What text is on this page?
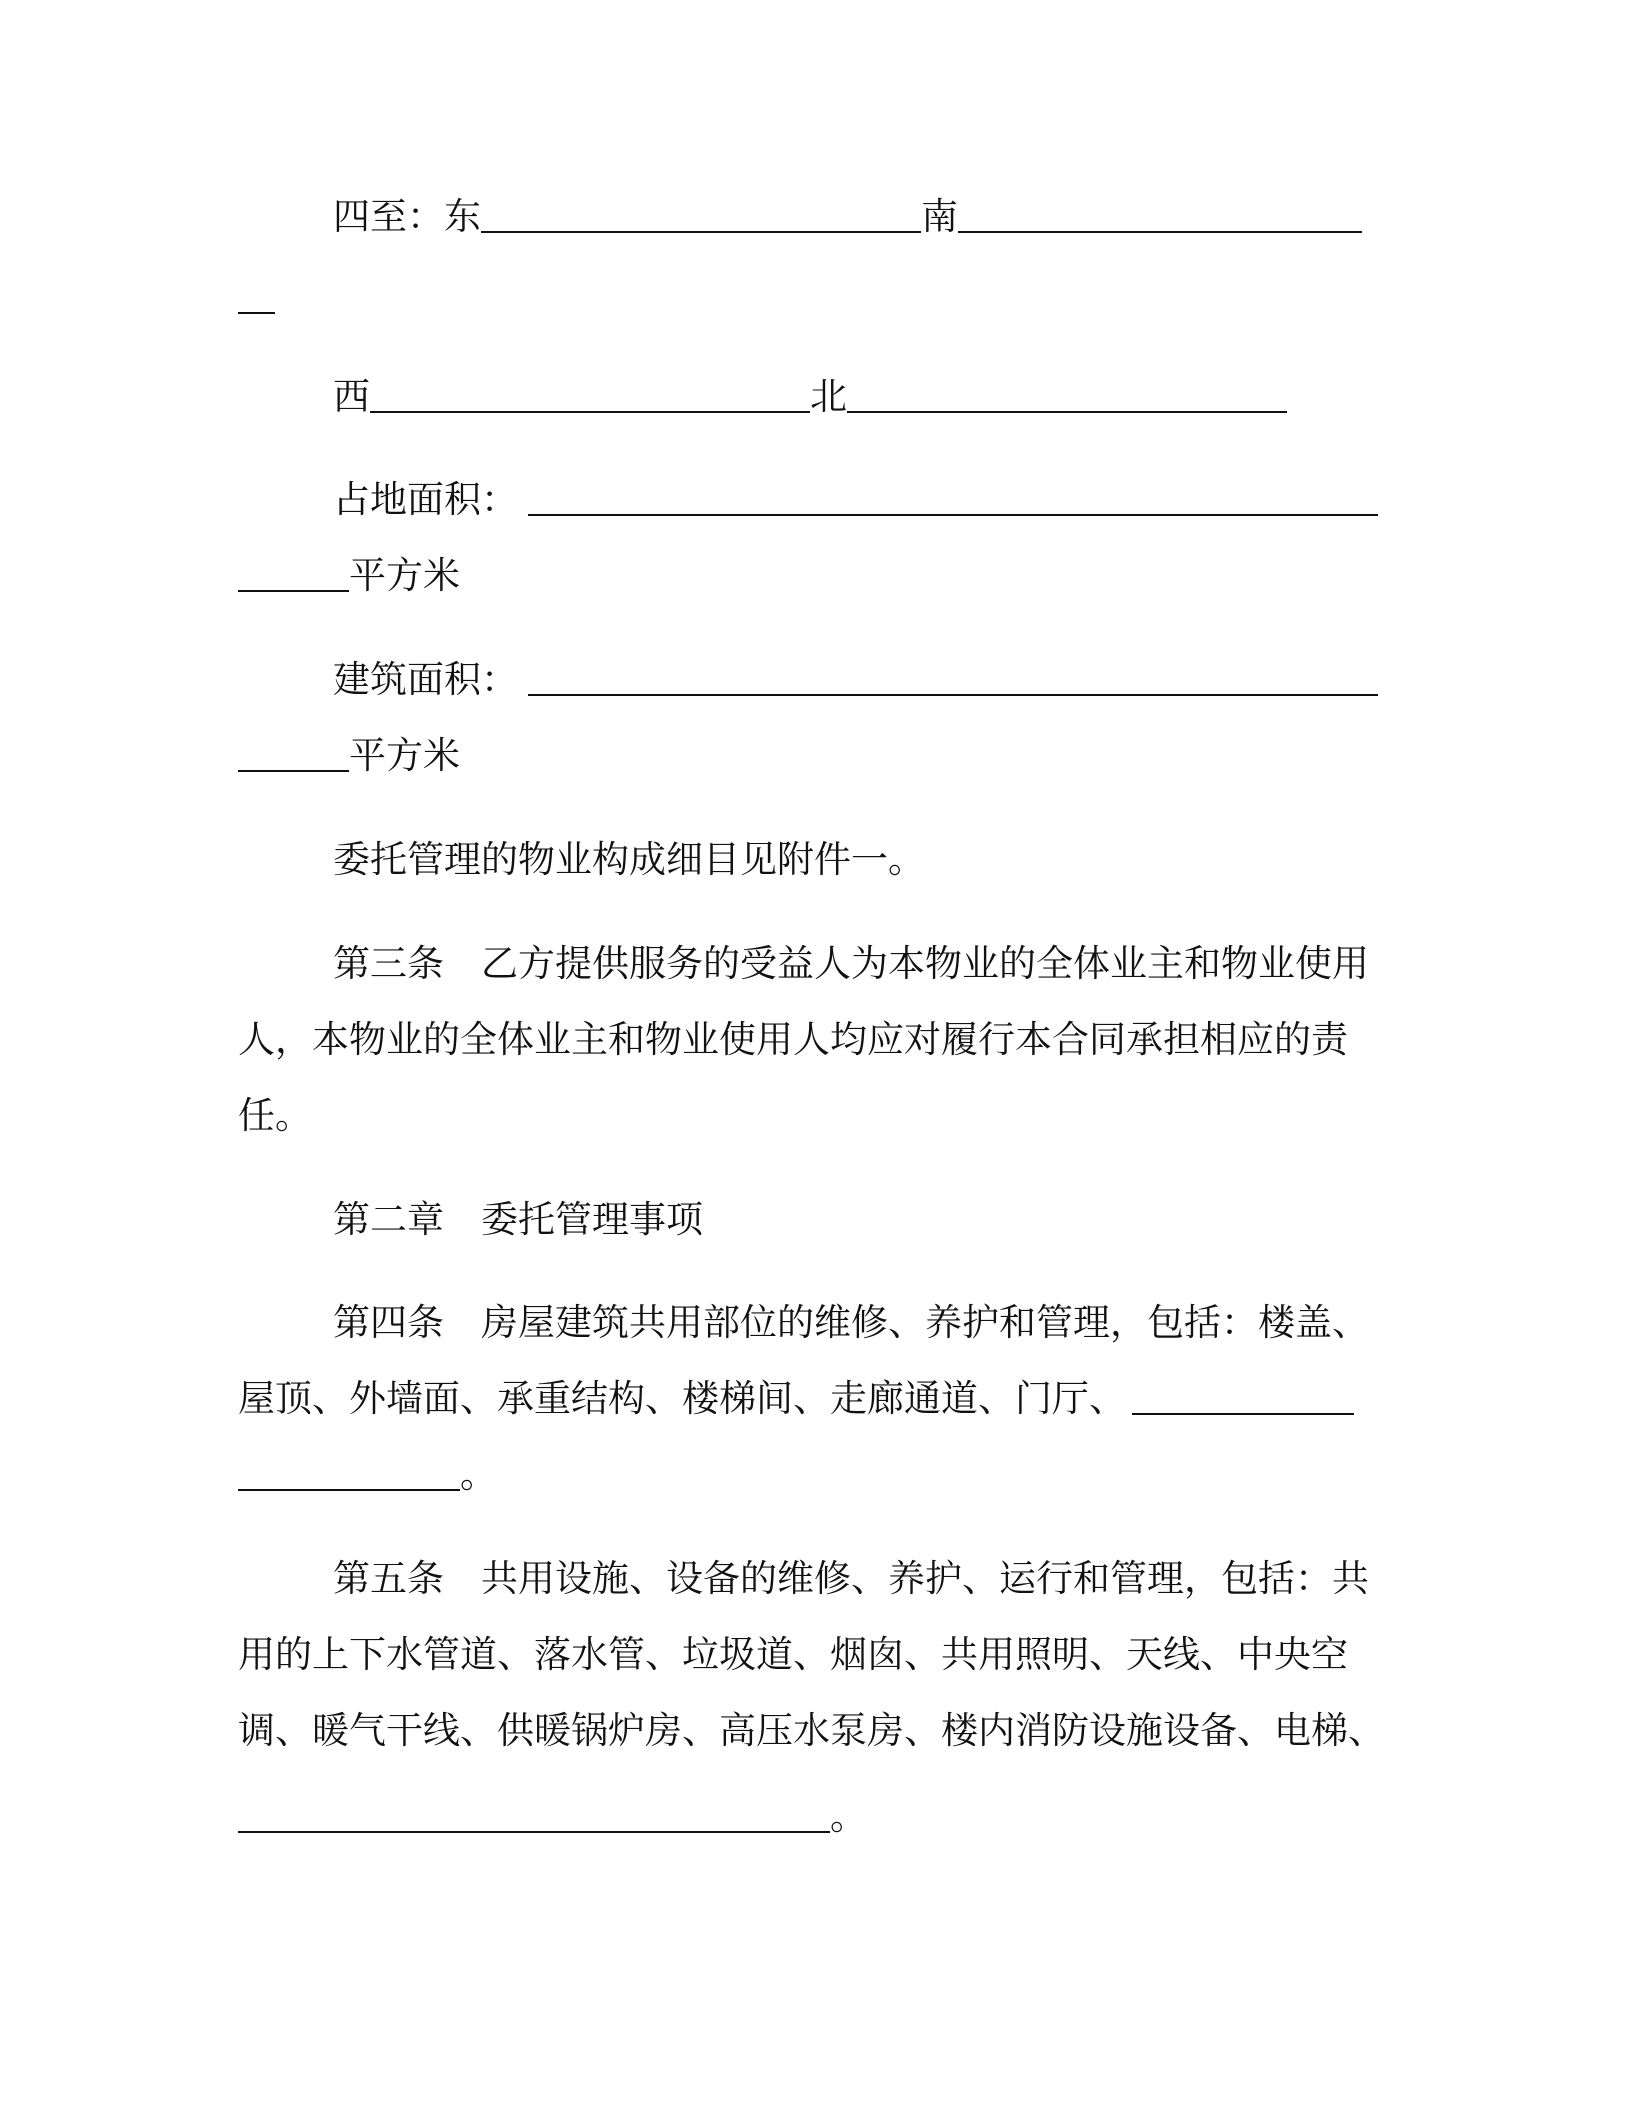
四至：东	南
西	北
占地面积：
平方米
建筑面积：
平方米
委托管理的物业构成细目见附件一。
第三条 乙方提供服务的受益人为本物业的全体业主和物业使用
人，本物业的全体业主和物业使用人均应对履行本合同承担相应的责
任。
第二章 委托管理事项
第四条 房屋建筑共用部位的维修、养护和管理，包括：楼盖、
屋顶、外墙面、承重结构、楼梯间、走廊通道、门厅、
。
第五条 共用设施、设备的维修、养护、运行和管理，包括：共
用的上下水管道、落水管、垃圾道、烟囱、共用照明、天线、中央空
调、暖气干线、供暖锅炉房、高压水泵房、楼内消防设施设备、电梯、
。
